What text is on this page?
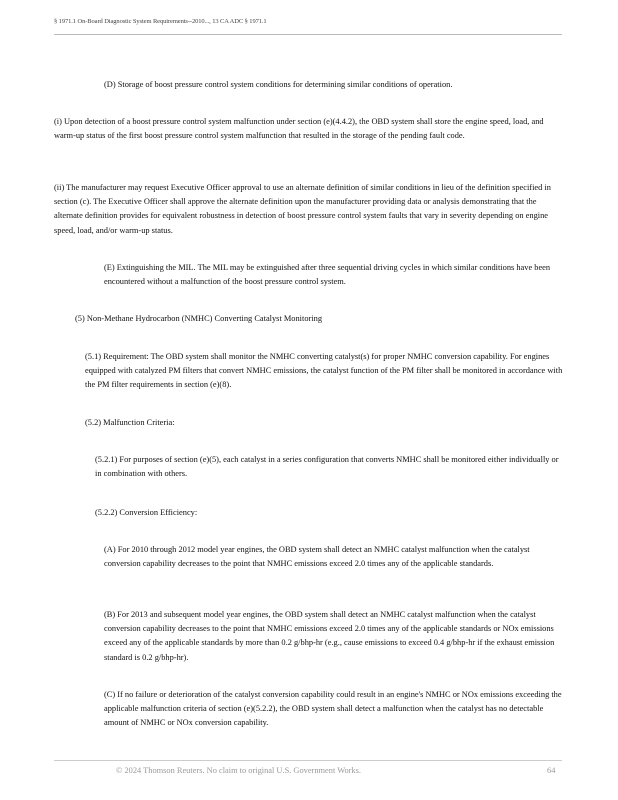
§ 1971.1 On-Board Diagnostic System Requirements--2010..., 13 CA ADC § 1971.1

(D) Storage of boost pressure control system conditions for determining similar conditions of operation.

(i) Upon detection of a boost pressure control system malfunction under section (e)(4.4.2), the OBD system shall store the engine speed, load, and warm-up status of the first boost pressure control system malfunction that resulted in the storage of the pending fault code.

(ii) The manufacturer may request Executive Officer approval to use an alternate definition of similar conditions in lieu of the definition specified in section (c). The Executive Officer shall approve the alternate definition upon the manufacturer providing data or analysis demonstrating that the alternate definition provides for equivalent robustness in detection of boost pressure control system faults that vary in severity depending on engine speed, load, and/or warm-up status.

(E) Extinguishing the MIL. The MIL may be extinguished after three sequential driving cycles in which similar conditions have been encountered without a malfunction of the boost pressure control system.

(5) Non-Methane Hydrocarbon (NMHC) Converting Catalyst Monitoring

(5.1) Requirement: The OBD system shall monitor the NMHC converting catalyst(s) for proper NMHC conversion capability. For engines equipped with catalyzed PM filters that convert NMHC emissions, the catalyst function of the PM filter shall be monitored in accordance with the PM filter requirements in section (e)(8).

(5.2) Malfunction Criteria:

(5.2.1) For purposes of section (e)(5), each catalyst in a series configuration that converts NMHC shall be monitored either individually or in combination with others.

(5.2.2) Conversion Efficiency:

(A) For 2010 through 2012 model year engines, the OBD system shall detect an NMHC catalyst malfunction when the catalyst conversion capability decreases to the point that NMHC emissions exceed 2.0 times any of the applicable standards.

(B) For 2013 and subsequent model year engines, the OBD system shall detect an NMHC catalyst malfunction when the catalyst conversion capability decreases to the point that NMHC emissions exceed 2.0 times any of the applicable standards or NOx emissions exceed any of the applicable standards by more than 0.2 g/bhp-hr (e.g., cause emissions to exceed 0.4 g/bhp-hr if the exhaust emission standard is 0.2 g/bhp-hr).

(C) If no failure or deterioration of the catalyst conversion capability could result in an engine's NMHC or NOx emissions exceeding the applicable malfunction criteria of section (e)(5.2.2), the OBD system shall detect a malfunction when the catalyst has no detectable amount of NMHC or NOx conversion capability.

© 2024 Thomson Reuters. No claim to original U.S. Government Works.	64
